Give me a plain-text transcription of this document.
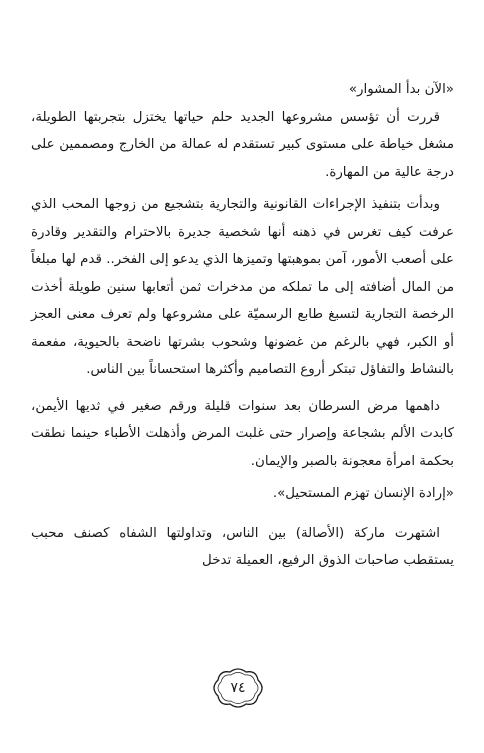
«الآن بدأ المشوار»

قررت أن تؤسس مشروعها الجديد حلم حياتها يختزل بتجربتها الطويلة، مشغل خياطة على مستوى كبير تستقدم له عمالة من الخارج ومصممين على درجة عالية من المهارة.

وبدأت بتنفيذ الإجراءات القانونية والتجارية بتشجيع من زوجها المحب الذي عرفت كيف تغرس في ذهنه أنها شخصية جديرة بالاحترام والتقدير وقادرة على أصعب الأمور، آمن بموهبتها وتميزها الذي يدعو إلى الفخر.. قدم لها مبلغاً من المال أضافته إلى ما تملكه من مدخرات ثمن أتعابها سنين طويلة أخذت الرخصة التجارية لتسبغ طابع الرسميّة على مشروعها ولم تعرف معنى العجز أو الكبر، فهي بالرغم من غضونها وشحوب بشرتها ناضحة بالحيوية، مفعمة بالنشاط والتفاؤل تبتكر أروع التصاميم وأكثرها استحساناً بين الناس.

داهمها مرض السرطان بعد سنوات قليلة ورقم صغير في ثديها الأيمن، كابدت الألم بشجاعة وإصرار حتى غلبت المرض وأذهلت الأطباء حينما نطقت بحكمة امرأة معجونة بالصبر والإيمان.

«إرادة الإنسان تهزم المستحيل».

اشتهرت ماركة (الأصالة) بين الناس، وتداولتها الشفاه كصنف محبب يستقطب صاحبات الذوق الرفيع، العميلة تدخل

٧٤
